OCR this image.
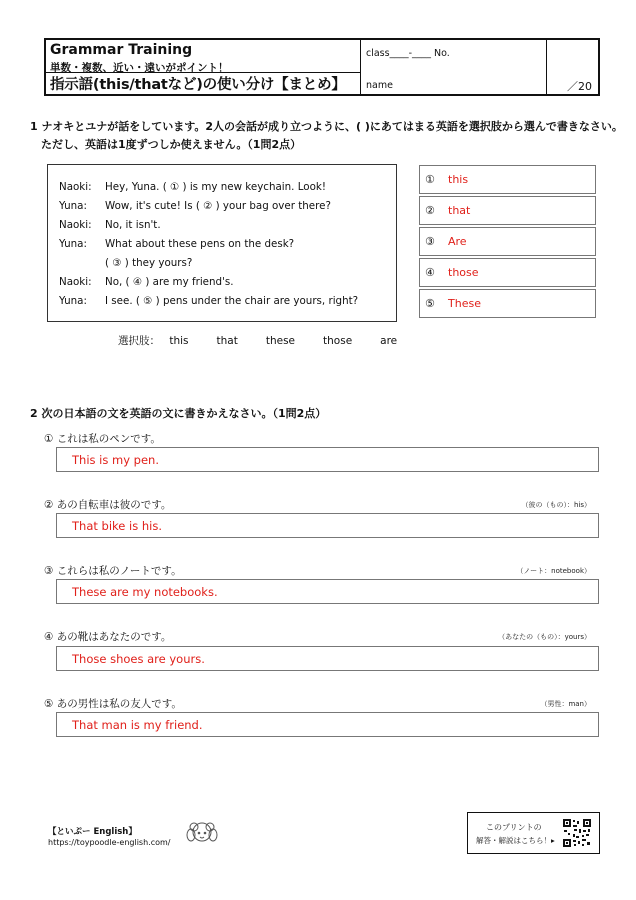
Grammar Training
単数・複数、近い・遠いがポイント！
指示語(this/thatなど)の使い分け【まとめ】
class____-____ No.
name	／20
1 ナオキとユナが話をしています。2人の会話が成り立つように、( )にあてはまる英語を選択肢から選んで書きなさい。
ただし、英語は1度ずつしか使えません。（1問2点）
Naoki: Hey, Yuna. ( ① ) is my new keychain. Look!
Yuna: Wow, it's cute! Is ( ② ) your bag over there?
Naoki: No, it isn't.
Yuna: What about these pens on the desk?
( ③ ) they yours?
Naoki: No, ( ④ ) are my friend's.
Yuna: I see. ( ⑤ ) pens under the chair are yours, right?
① this
② that
③ Are
④ those
⑤ These
選択肢： this   that   these   those   are
2 次の日本語の文を英語の文に書きかえなさい。（1問2点）
① これは私のペンです。
This is my pen.
② あの自転車は彼のです。	（彼の（もの）：his）
That bike is his.
③ これらは私のノートです。	（ノート：notebook）
These are my notebooks.
④ あの靴はあなたのです。	（あなたの（もの）：yours）
Those shoes are yours.
⑤ あの男性は私の友人です。	（男性：man）
That man is my friend.
【といぷー English】
https://toypoodle-english.com/
このプリントの
解答・解説はこちら！▸
